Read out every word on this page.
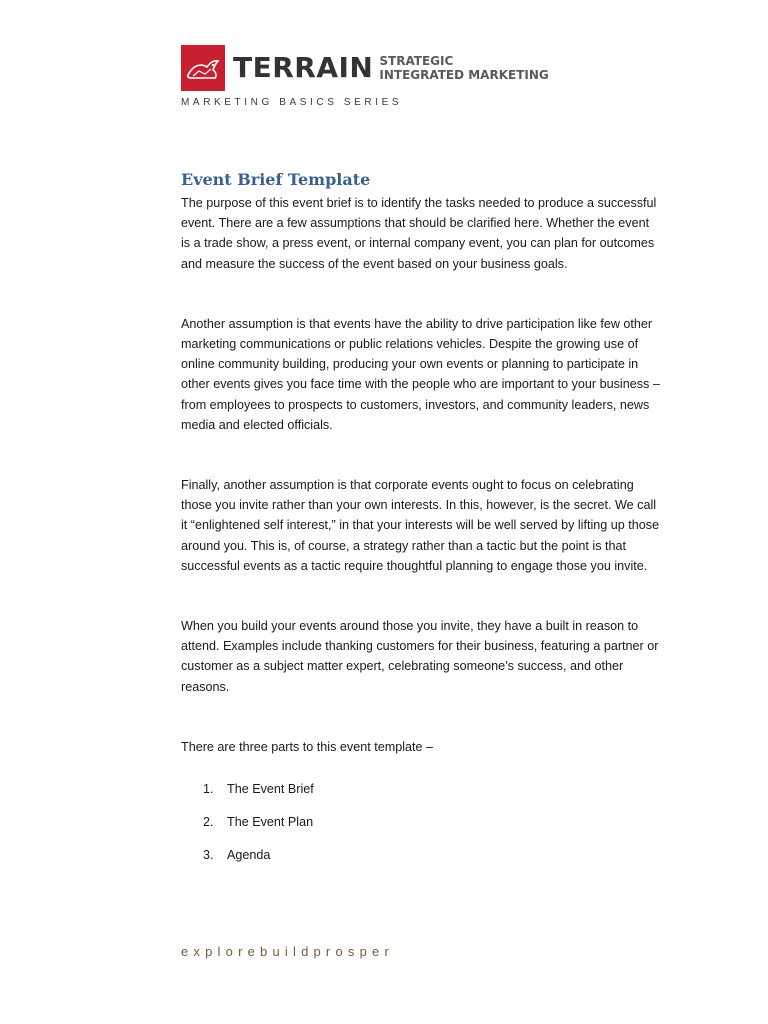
TERRAIN STRATEGIC
INTEGRATED MARKETING
MARKETING BASICS SERIES
Event Brief Template

The purpose of this event brief is to identify the tasks needed to produce a successful event. There are a few assumptions that should be clarified here. Whether the event is a trade show, a press event, or internal company event, you can plan for outcomes and measure the success of the event based on your business goals.

Another assumption is that events have the ability to drive participation like few other marketing communications or public relations vehicles. Despite the growing use of online community building, producing your own events or planning to participate in other events gives you face time with the people who are important to your business – from employees to prospects to customers, investors, and community leaders, news media and elected officials.

Finally, another assumption is that corporate events ought to focus on celebrating those you invite rather than your own interests. In this, however, is the secret. We call it “enlightened self interest,” in that your interests will be well served by lifting up those around you. This is, of course, a strategy rather than a tactic but the point is that successful events as a tactic require thoughtful planning to engage those you invite.

When you build your events around those you invite, they have a built in reason to attend. Examples include thanking customers for their business, featuring a partner or customer as a subject matter expert, celebrating someone’s success, and other reasons.

There are three parts to this event template –

1.	The Event Brief
2.	The Event Plan
3.	Agenda
explorebuildprosper
